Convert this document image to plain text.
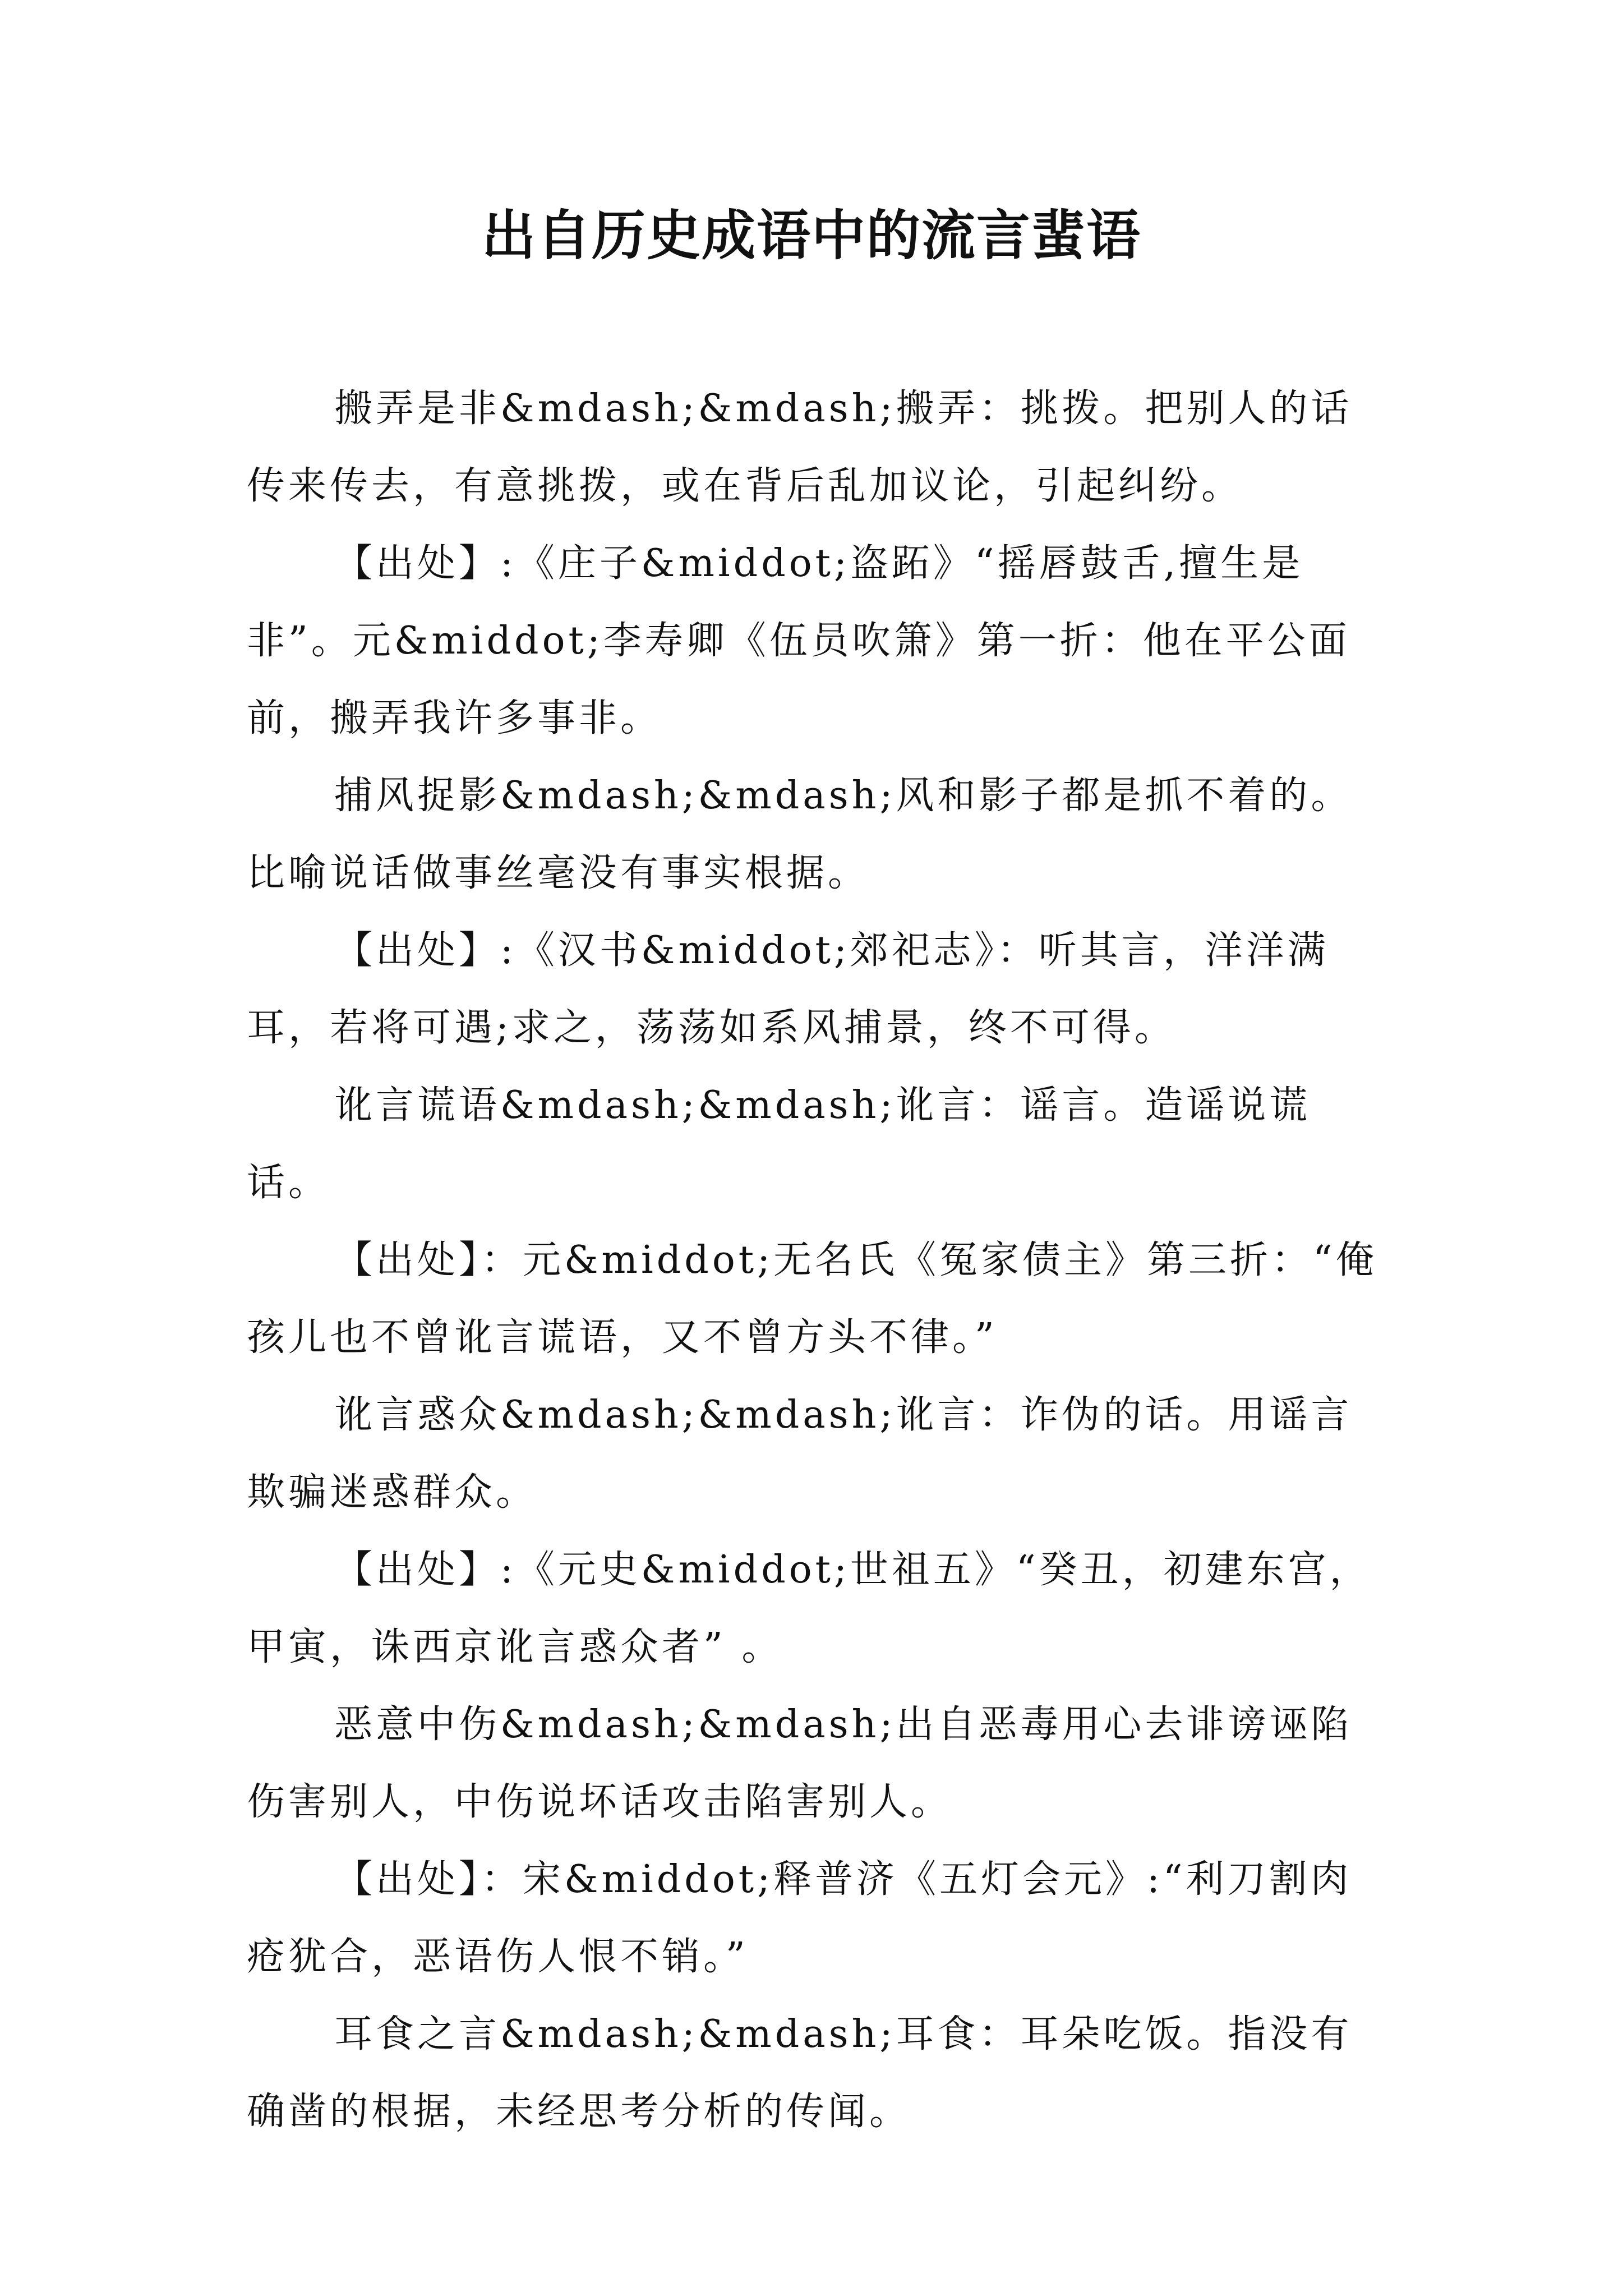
出自历史成语中的流言蜚语

搬弄是非&mdash;&mdash;搬弄：挑拨。把别人的话传来传去，有意挑拨，或在背后乱加议论，引起纠纷。

【出处】:《庄子&middot;盗跖》“摇唇鼓舌,擅生是非”。元&middot;李寿卿《伍员吹箫》第一折：他在平公面前，搬弄我许多事非。

捕风捉影&mdash;&mdash;风和影子都是抓不着的。比喻说话做事丝毫没有事实根据。

【出处】:《汉书&middot;郊祀志》：听其言，洋洋满耳，若将可遇;求之，荡荡如系风捕景，终不可得。

讹言谎语&mdash;&mdash;讹言：谣言。造谣说谎话。

【出处】：元&middot;无名氏《冤家债主》第三折：“俺孩儿也不曾讹言谎语，又不曾方头不律。”

讹言惑众&mdash;&mdash;讹言：诈伪的话。用谣言欺骗迷惑群众。

【出处】:《元史&middot;世祖五》“癸丑，初建东宫，甲寅，诛西京讹言惑众者” 。

恶意中伤&mdash;&mdash;出自恶毒用心去诽谤诬陷伤害别人，中伤说坏话攻击陷害别人。

【出处】：宋&middot;释普济《五灯会元》:“利刀割肉疮犹合，恶语伤人恨不销。”

耳食之言&mdash;&mdash;耳食：耳朵吃饭。指没有确凿的根据，未经思考分析的传闻。
